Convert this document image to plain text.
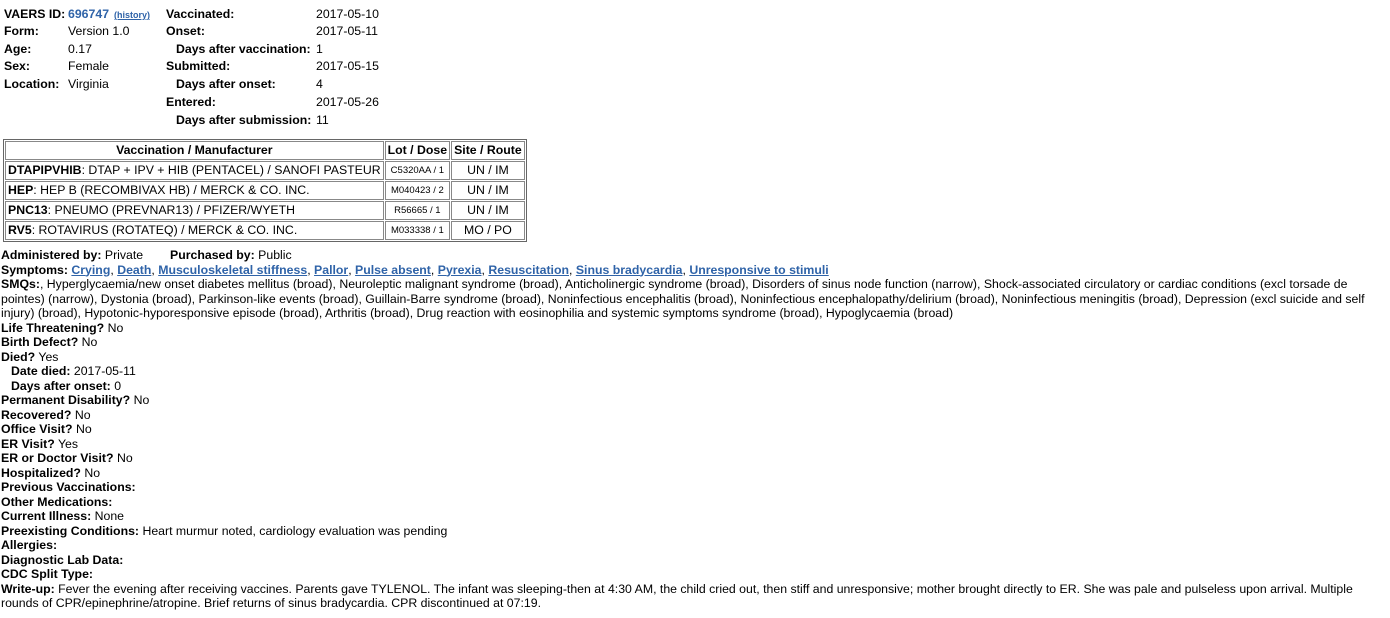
VAERS ID: 696747 (history)
Form: Version 1.0
Age:	0.17
Sex:	Female
Location: Virginia
Vaccinated:	2017-05-10
Onset:	2017-05-11
Days after vaccination: 1
Submitted:	2017-05-15
Days after onset:	4
Entered:	2017-05-26
Days after submission: 11
Vaccination / Manufacturer	Lot / Dose	Site / Route
DTAPIPVHIB: DTAP + IPV + HIB (PENTACEL) / SANOFI PASTEUR	C5320AA / 1	UN / IM
HEP: HEP B (RECOMBIVAX HB) / MERCK & CO. INC.	M040423 / 2	UN / IM
PNC13: PNEUMO (PREVNAR13) / PFIZER/WYETH	R56665 / 1	UN / IM
RV5: ROTAVIRUS (ROTATEQ) / MERCK & CO. INC.	M033338 / 1	MO / PO
Administered by: Private Purchased by: Public
Symptoms: Crying, Death, Musculoskeletal stiffness, Pallor, Pulse absent, Pyrexia, Resuscitation, Sinus bradycardia, Unresponsive to stimuli
SMQs:, Hyperglycaemia/new onset diabetes mellitus (broad), Neuroleptic malignant syndrome (broad), Anticholinergic syndrome (broad), Disorders of sinus node function (narrow), Shock-associated circulatory or cardiac conditions (excl torsade de pointes) (narrow), Dystonia (broad), Parkinson-like events (broad), Guillain-Barre syndrome (broad), Noninfectious encephalitis (broad), Noninfectious encephalopathy/delirium (broad), Noninfectious meningitis (broad), Depression (excl suicide and self injury) (broad), Hypotonic-hyporesponsive episode (broad), Arthritis (broad), Drug reaction with eosinophilia and systemic symptoms syndrome (broad), Hypoglycaemia (broad)
Life Threatening? No
Birth Defect? No
Died? Yes
Date died: 2017-05-11
Days after onset: 0
Permanent Disability? No
Recovered? No
Office Visit? No
ER Visit? Yes
ER or Doctor Visit? No
Hospitalized? No
Previous Vaccinations:
Other Medications:
Current Illness: None
Preexisting Conditions: Heart murmur noted, cardiology evaluation was pending
Allergies:
Diagnostic Lab Data:
CDC Split Type:
Write-up: Fever the evening after receiving vaccines. Parents gave TYLENOL. The infant was sleeping-then at 4:30 AM, the child cried out, then stiff and unresponsive; mother brought directly to ER. She was pale and pulseless upon arrival. Multiple rounds of CPR/epinephrine/atropine. Brief returns of sinus bradycardia. CPR discontinued at 07:19.
